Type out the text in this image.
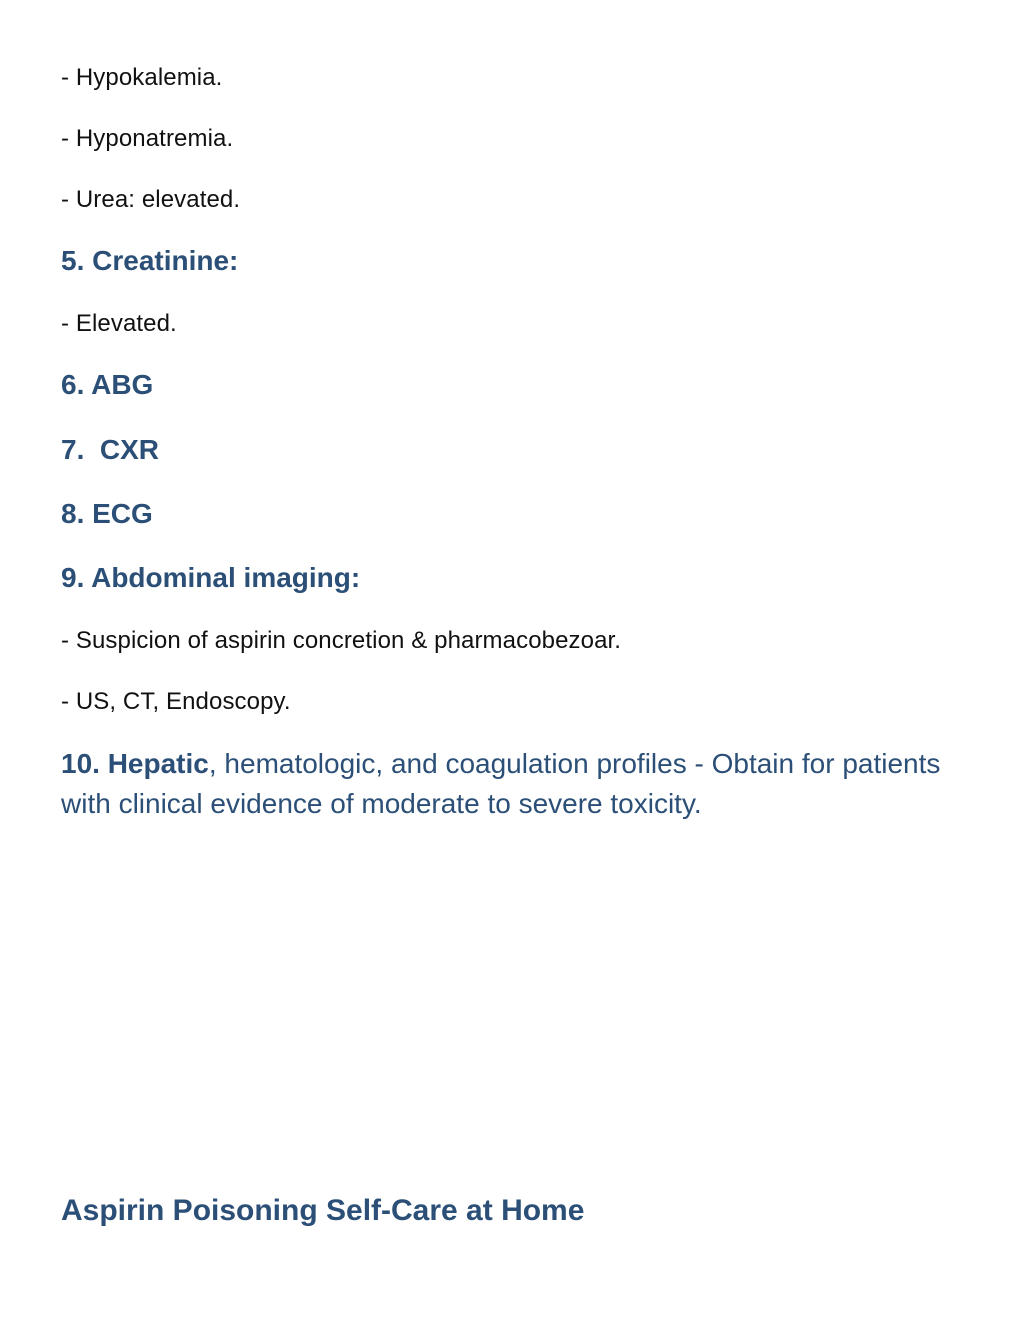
- Hypokalemia.
- Hyponatremia.
- Urea: elevated.
5. Creatinine:
- Elevated.
6. ABG
7.  CXR
8. ECG
9. Abdominal imaging:
- Suspicion of aspirin concretion & pharmacobezoar.
- US, CT, Endoscopy.
10. Hepatic, hematologic, and coagulation profiles - Obtain for patients with clinical evidence of moderate to severe toxicity.
Aspirin Poisoning Self-Care at Home
